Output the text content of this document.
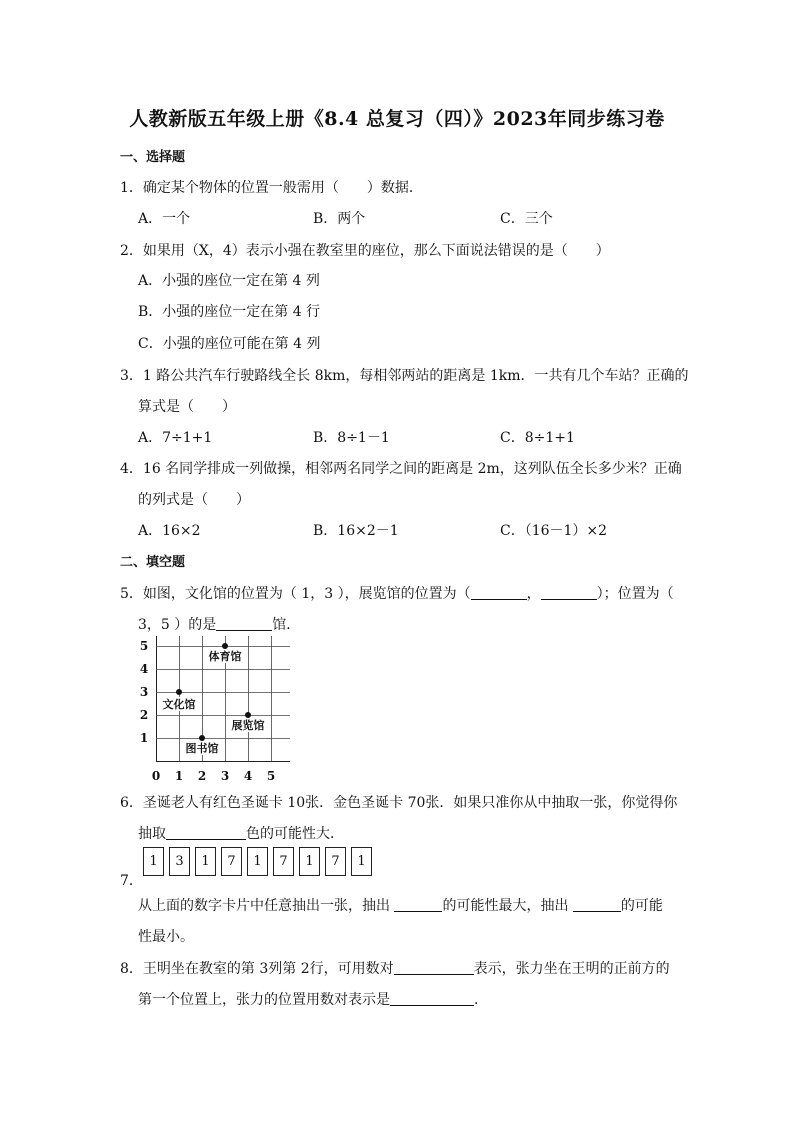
人教新版五年级上册《8.4 总复习（四）》2023年同步练习卷
一、选择题
1．确定某个物体的位置一般需用（　　）数据．
A．一个	B．两个	C．三个
2．如果用（X，4）表示小强在教室里的座位，那么下面说法错误的是（　　）
A．小强的座位一定在第 4 列
B．小强的座位一定在第 4 行
C．小强的座位可能在第 4 列
3．1 路公共汽车行驶路线全长 8km，每相邻两站的距离是 1km．一共有几个车站？正确的
算式是（　　）
A．7÷1+1	B．8÷1－1	C．8÷1+1
4．16 名同学排成一列做操，相邻两名同学之间的距离是 2m，这列队伍全长多少米？正确
的列式是（　　）
A．16×2	B．16×2－1	C．（16－1）×2
二、填空题
5．如图，文化馆的位置为（ 1，3 ），展览馆的位置为（	，	）；位置为（
3，5 ）的是	馆．
0 1 2 3 4 5
1
2
3
4
5
体育馆
文化馆
展览馆
图书馆
6．圣诞老人有红色圣诞卡 10张．金色圣诞卡 70张．如果只准你从中抽取一张，你觉得你
抽取	色的可能性大．
1	3	1	7	1	7	1	7	1
7．
从上面的数字卡片中任意抽出一张，抽出	的可能性最大，抽出	的可能
性最小。
8．王明坐在教室的第 3列第 2行，可用数对	表示，张力坐在王明的正前方的
第一个位置上，张力的位置用数对表示是	．
